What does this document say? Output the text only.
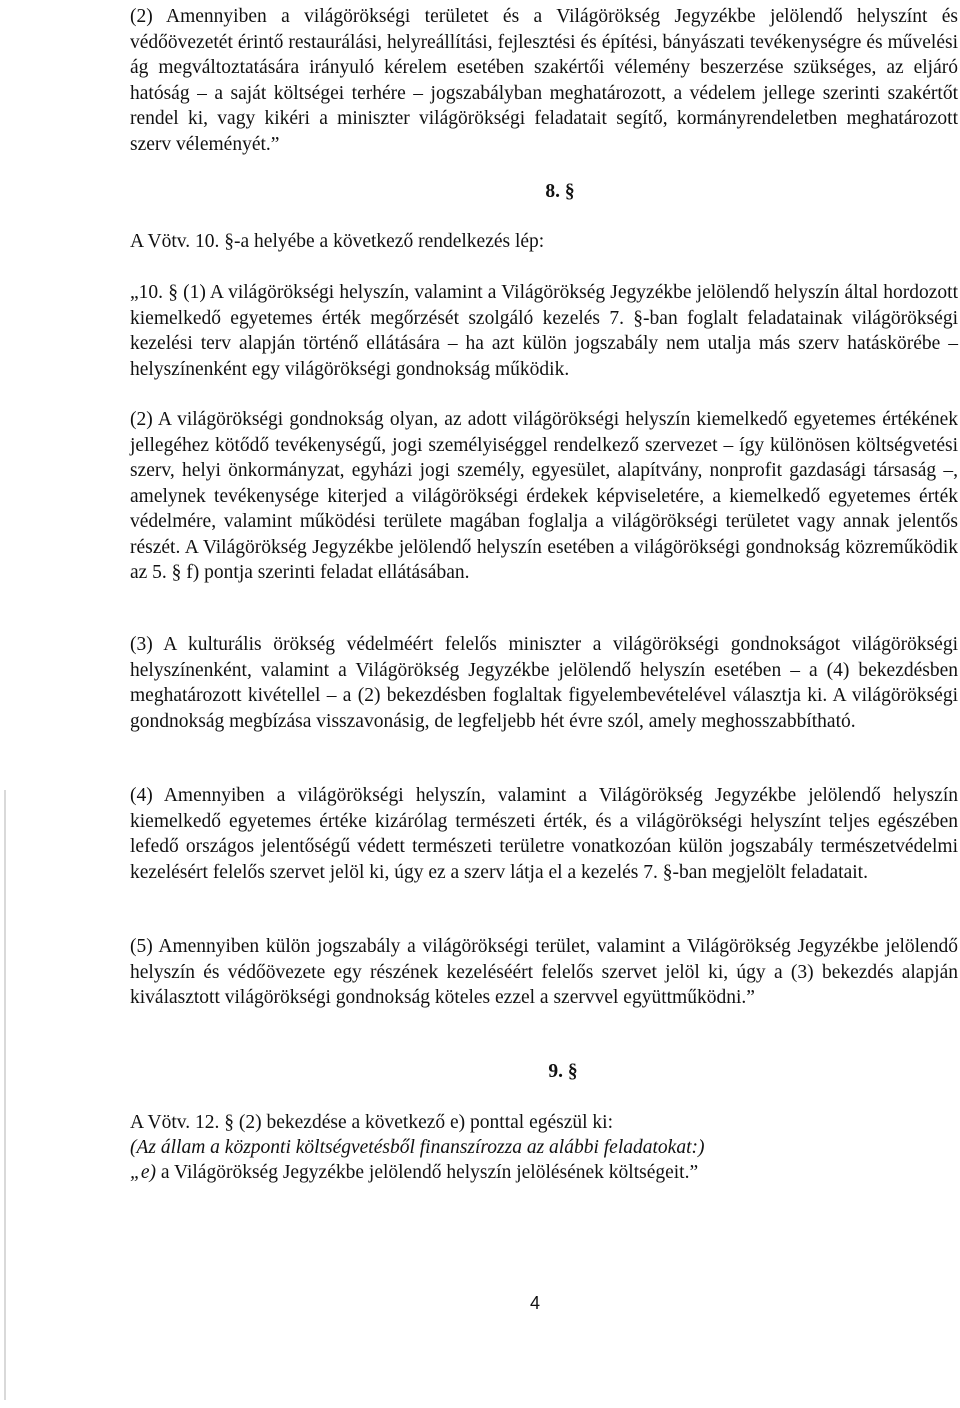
(2) Amennyiben a világörökségi területet és a Világörökség Jegyzékbe jelölendő helyszínt és védőövezetét érintő restaurálási, helyreállítási, fejlesztési és építési, bányászati tevékenységre és művelési ág megváltoztatására irányuló kérelem esetében szakértői vélemény beszerzése szükséges, az eljáró hatóság – a saját költségei terhére – jogszabályban meghatározott, a védelem jellege szerinti szakértőt rendel ki, vagy kikéri a miniszter világörökségi feladatait segítő, kormányrendeletben meghatározott szerv véleményét.”

8. §
A Vötv. 10. §-a helyébe a következő rendelkezés lép:

„10. § (1) A világörökségi helyszín, valamint a Világörökség Jegyzékbe jelölendő helyszín által hordozott kiemelkedő egyetemes érték megőrzését szolgáló kezelés 7. §-ban foglalt feladatainak világörökségi kezelési terv alapján történő ellátására – ha azt külön jogszabály nem utalja más szerv hatáskörébe – helyszínenként egy világörökségi gondnokság működik.

(2) A világörökségi gondnokság olyan, az adott világörökségi helyszín kiemelkedő egyetemes értékének jellegéhez kötődő tevékenységű, jogi személyiséggel rendelkező szervezet – így különösen költségvetési szerv, helyi önkormányzat, egyházi jogi személy, egyesület, alapítvány, nonprofit gazdasági társaság –, amelynek tevékenysége kiterjed a világörökségi érdekek képviseletére, a kiemelkedő egyetemes érték védelmére, valamint működési területe magában foglalja a világörökségi területet vagy annak jelentős részét. A Világörökség Jegyzékbe jelölendő helyszín esetében a világörökségi gondnokság közreműködik az 5. § f) pontja szerinti feladat ellátásában.

(3) A kulturális örökség védelméért felelős miniszter a világörökségi gondnokságot világörökségi helyszínenként, valamint a Világörökség Jegyzékbe jelölendő helyszín esetében – a (4) bekezdésben meghatározott kivétellel – a (2) bekezdésben foglaltak figyelembevételével választja ki. A világörökségi gondnokság megbízása visszavonásig, de legfeljebb hét évre szól, amely meghosszabbítható.

(4) Amennyiben a világörökségi helyszín, valamint a Világörökség Jegyzékbe jelölendő helyszín kiemelkedő egyetemes értéke kizárólag természeti érték, és a világörökségi helyszínt teljes egészében lefedő országos jelentőségű védett természeti területre vonatkozóan külön jogszabály természetvédelmi kezelésért felelős szervet jelöl ki, úgy ez a szerv látja el a kezelés 7. §-ban megjelölt feladatait.

(5) Amennyiben külön jogszabály a világörökségi terület, valamint a Világörökség Jegyzékbe jelölendő helyszín és védőövezete egy részének kezeléséért felelős szervet jelöl ki, úgy a (3) bekezdés alapján kiválasztott világörökségi gondnokság köteles ezzel a szervvel együttműködni.”

9. §
A Vötv. 12. § (2) bekezdése a következő e) ponttal egészül ki:
(Az állam a központi költségvetésből finanszírozza az alábbi feladatokat:)
„e) a Világörökség Jegyzékbe jelölendő helyszín jelölésének költségeit.”
4
